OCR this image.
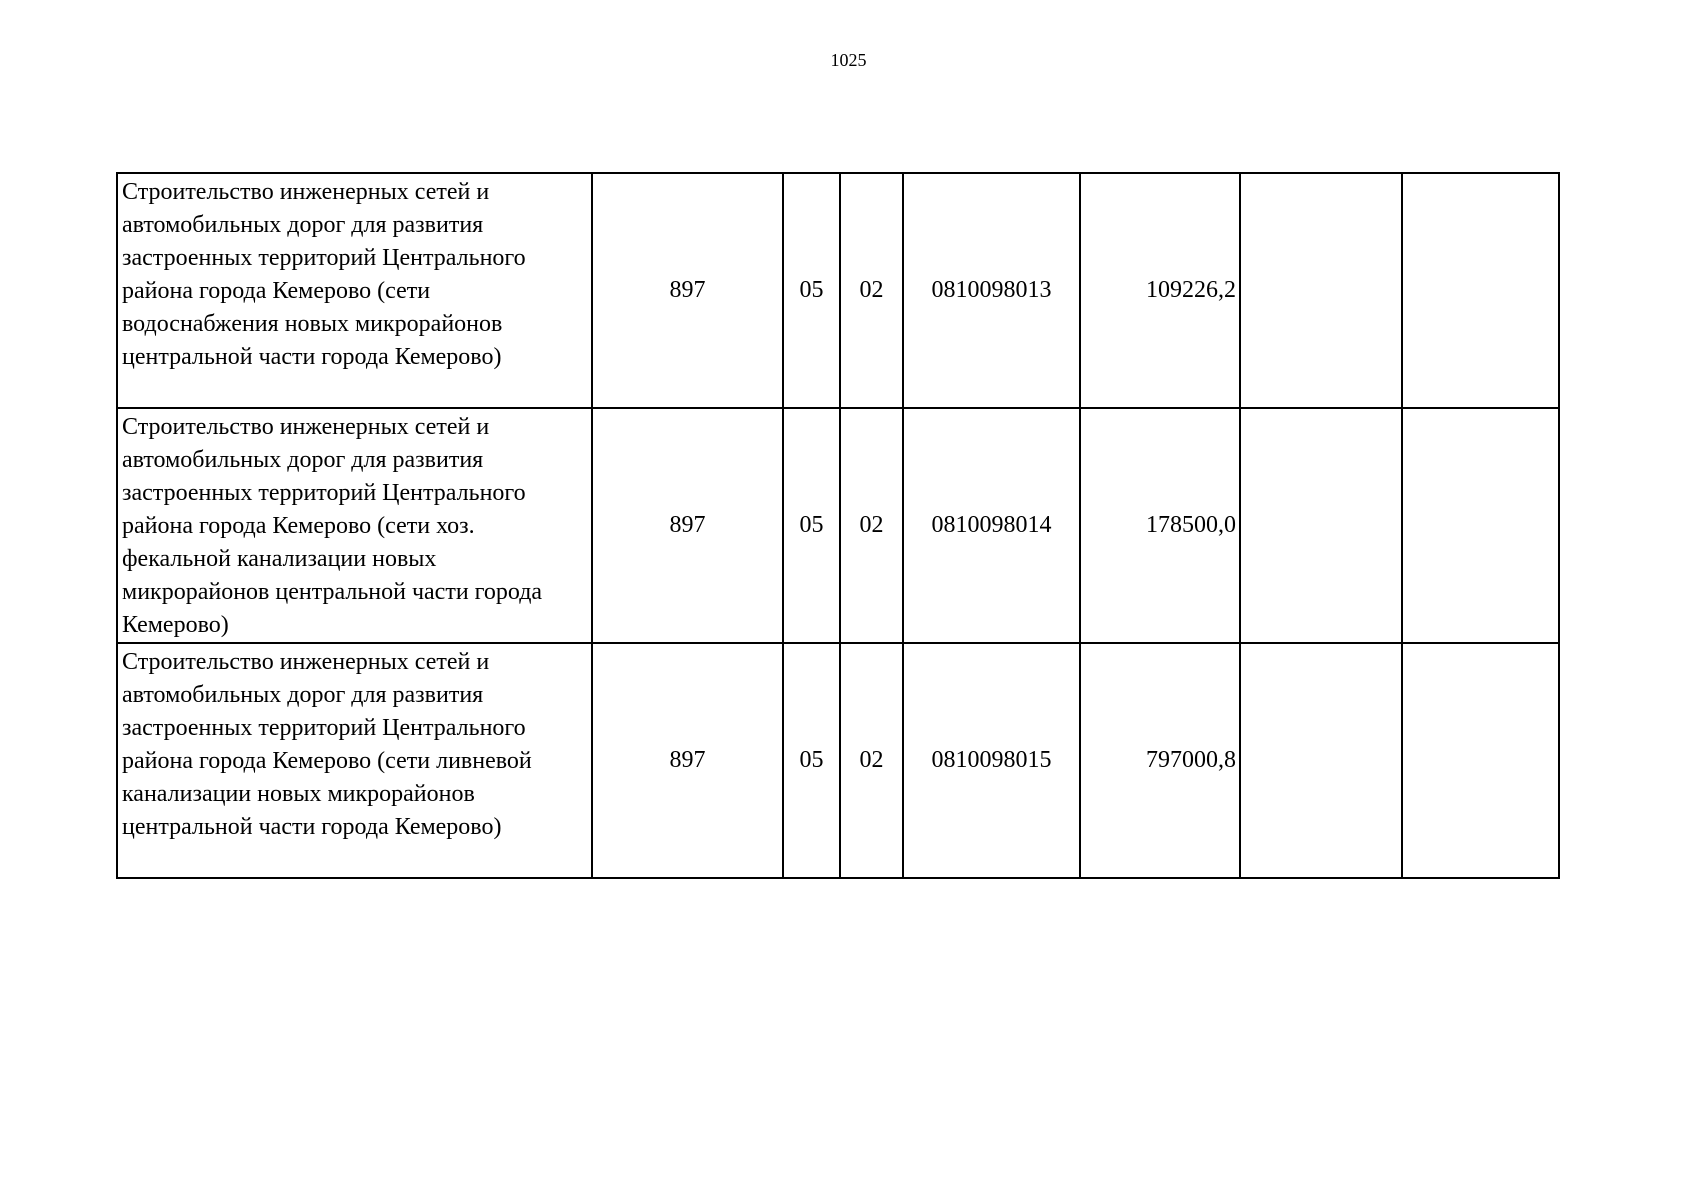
1025
Строительство инженерных сетей и автомобильных дорог для развития застроенных территорий Центрального района города Кемерово (сети водоснабжения новых микрорайонов центральной части города Кемерово)	897	05	02	0810098013	109226,2		
Строительство инженерных сетей и автомобильных дорог для развития застроенных территорий Центрального района города Кемерово (сети хоз. фекальной канализации новых микрорайонов центральной части города Кемерово)	897	05	02	0810098014	178500,0		
Строительство инженерных сетей и автомобильных дорог для развития застроенных территорий Центрального района города Кемерово (сети ливневой канализации новых микрорайонов центральной части города Кемерово)	897	05	02	0810098015	797000,8		
